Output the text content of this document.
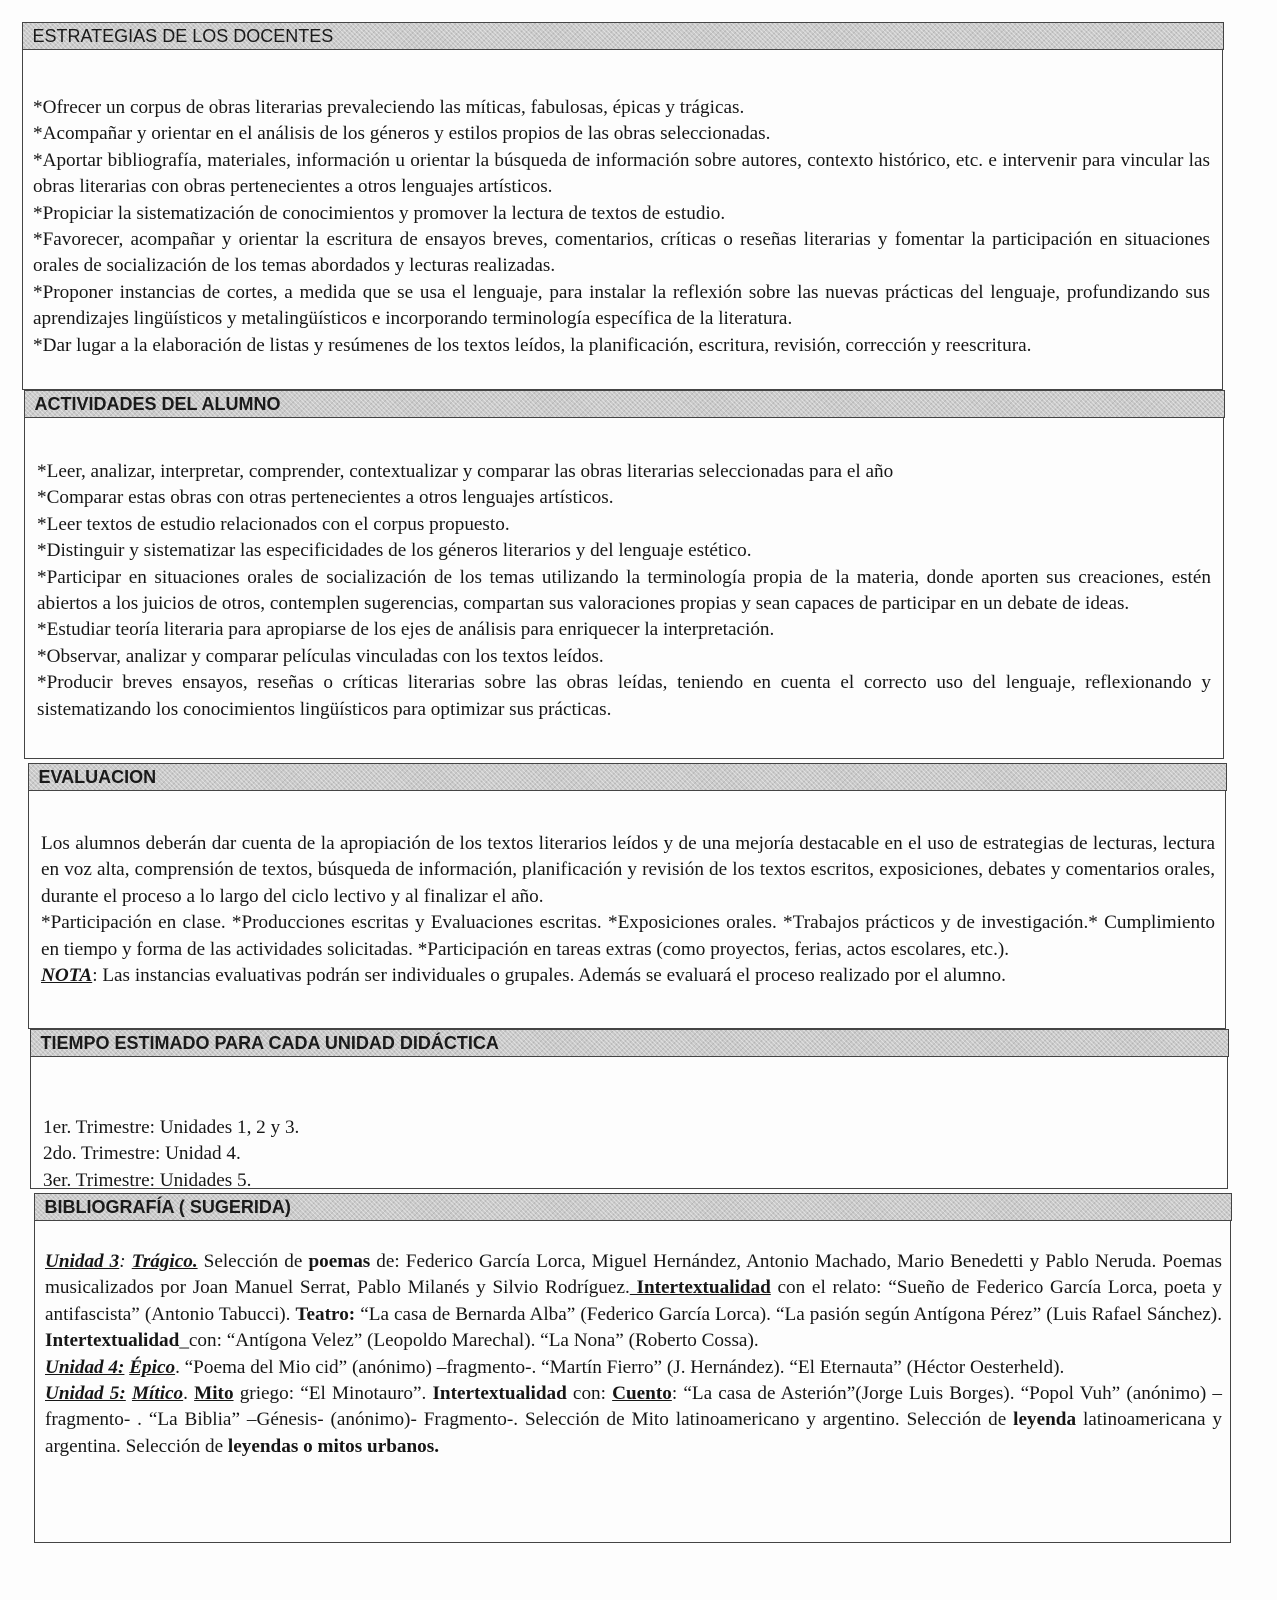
ESTRATEGIAS DE LOS DOCENTES

*Ofrecer un corpus de obras literarias prevaleciendo las míticas, fabulosas, épicas y trágicas.

*Acompañar y orientar en el análisis de los géneros y estilos propios de las obras seleccionadas.

*Aportar bibliografía, materiales, información u orientar la búsqueda de información sobre autores, contexto histórico, etc. e intervenir para vincular las obras literarias con obras pertenecientes a otros lenguajes artísticos.

*Propiciar la sistematización de conocimientos y promover la lectura de textos de estudio.

*Favorecer, acompañar y orientar la escritura de ensayos breves, comentarios, críticas o reseñas literarias y fomentar la participación en situaciones orales de socialización de los temas abordados y lecturas realizadas.

*Proponer instancias de cortes, a medida que se usa el lenguaje, para instalar la reflexión sobre las nuevas prácticas del lenguaje, profundizando sus aprendizajes lingüísticos y metalingüísticos e incorporando terminología específica de la literatura.

*Dar lugar a la elaboración de listas y resúmenes de los textos leídos, la planificación, escritura, revisión, corrección y reescritura.

ACTIVIDADES DEL ALUMNO

*Leer, analizar, interpretar, comprender, contextualizar y comparar las obras literarias seleccionadas para el año

*Comparar estas obras con otras pertenecientes a otros lenguajes artísticos.

*Leer textos de estudio relacionados con el corpus propuesto.

*Distinguir y sistematizar las especificidades de los géneros literarios y del lenguaje estético.

*Participar en situaciones orales de socialización de los temas utilizando la terminología propia de la materia, donde aporten sus creaciones, estén abiertos a los juicios de otros, contemplen sugerencias, compartan sus valoraciones propias y sean capaces de participar en un debate de ideas.

*Estudiar teoría literaria para apropiarse de los ejes de análisis para enriquecer la interpretación.

*Observar, analizar y comparar películas vinculadas con los textos leídos.

*Producir breves ensayos, reseñas o críticas literarias sobre las obras leídas, teniendo en cuenta el correcto uso del lenguaje, reflexionando y sistematizando los conocimientos lingüísticos para optimizar sus prácticas.

EVALUACION

Los alumnos deberán dar cuenta de la apropiación de los textos literarios leídos y de una mejoría destacable en el uso de estrategias de lecturas, lectura en voz alta, comprensión de textos, búsqueda de información, planificación y revisión de los textos escritos, exposiciones, debates y comentarios orales, durante el proceso a lo largo del ciclo lectivo y al finalizar el año.

*Participación en clase. *Producciones escritas y Evaluaciones escritas. *Exposiciones orales. *Trabajos prácticos y de investigación.* Cumplimiento en tiempo y forma de las actividades solicitadas. *Participación en tareas extras (como proyectos, ferias, actos escolares, etc.).

NOTA: Las instancias evaluativas podrán ser individuales o grupales. Además se evaluará el proceso realizado por el alumno.

TIEMPO ESTIMADO PARA CADA UNIDAD DIDÁCTICA

1er. Trimestre: Unidades 1, 2 y 3.

2do. Trimestre: Unidad 4.

3er. Trimestre: Unidades 5.

BIBLIOGRAFÍA ( SUGERIDA)

Unidad 3: Trágico. Selección de poemas de: Federico García Lorca, Miguel Hernández, Antonio Machado, Mario Benedetti y Pablo Neruda. Poemas musicalizados por Joan Manuel Serrat, Pablo Milanés y Silvio Rodríguez. Intertextualidad con el relato: “Sueño de Federico García Lorca, poeta y antifascista” (Antonio Tabucci). Teatro: “La casa de Bernarda Alba” (Federico García Lorca). “La pasión según Antígona Pérez” (Luis Rafael Sánchez). Intertextualidad_con: “Antígona Velez” (Leopoldo Marechal). “La Nona” (Roberto Cossa).

Unidad 4: Épico. “Poema del Mio cid” (anónimo) –fragmento-. “Martín Fierro” (J. Hernández). “El Eternauta” (Héctor Oesterheld).

Unidad 5: Mítico. Mito griego: “El Minotauro”. Intertextualidad con: Cuento: “La casa de Asterión”(Jorge Luis Borges). “Popol Vuh” (anónimo) –fragmento- . “La Biblia” –Génesis- (anónimo)- Fragmento-. Selección de Mito latinoamericano y argentino. Selección de leyenda latinoamericana y argentina. Selección de leyendas o mitos urbanos.
